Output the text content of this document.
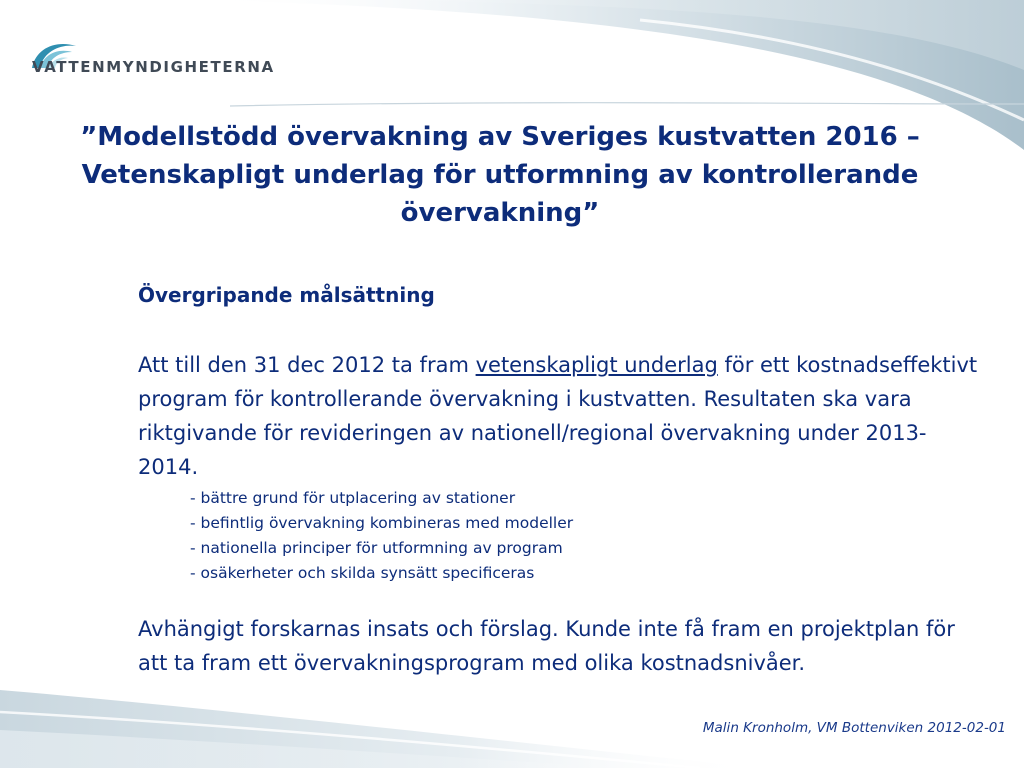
VATTENMYNDIGHETERNA
”Modellstödd övervakning av Sveriges kustvatten 2016 – Vetenskapligt underlag för utformning av kontrollerande övervakning”

Övergripande målsättning

Att till den 31 dec 2012 ta fram vetenskapligt underlag för ett kostnadseffektivt program för kontrollerande övervakning i kustvatten. Resultaten ska vara riktgivande för revideringen av nationell/regional övervakning under 2013-2014.

- bättre grund för utplacering av stationer
- befintlig övervakning kombineras med modeller
- nationella principer för utformning av program
- osäkerheter och skilda synsätt specificeras

Avhängigt forskarnas insats och förslag. Kunde inte få fram en projektplan för att ta fram ett övervakningsprogram med olika kostnadsnivåer.

Malin Kronholm, VM Bottenviken 2012-02-01
